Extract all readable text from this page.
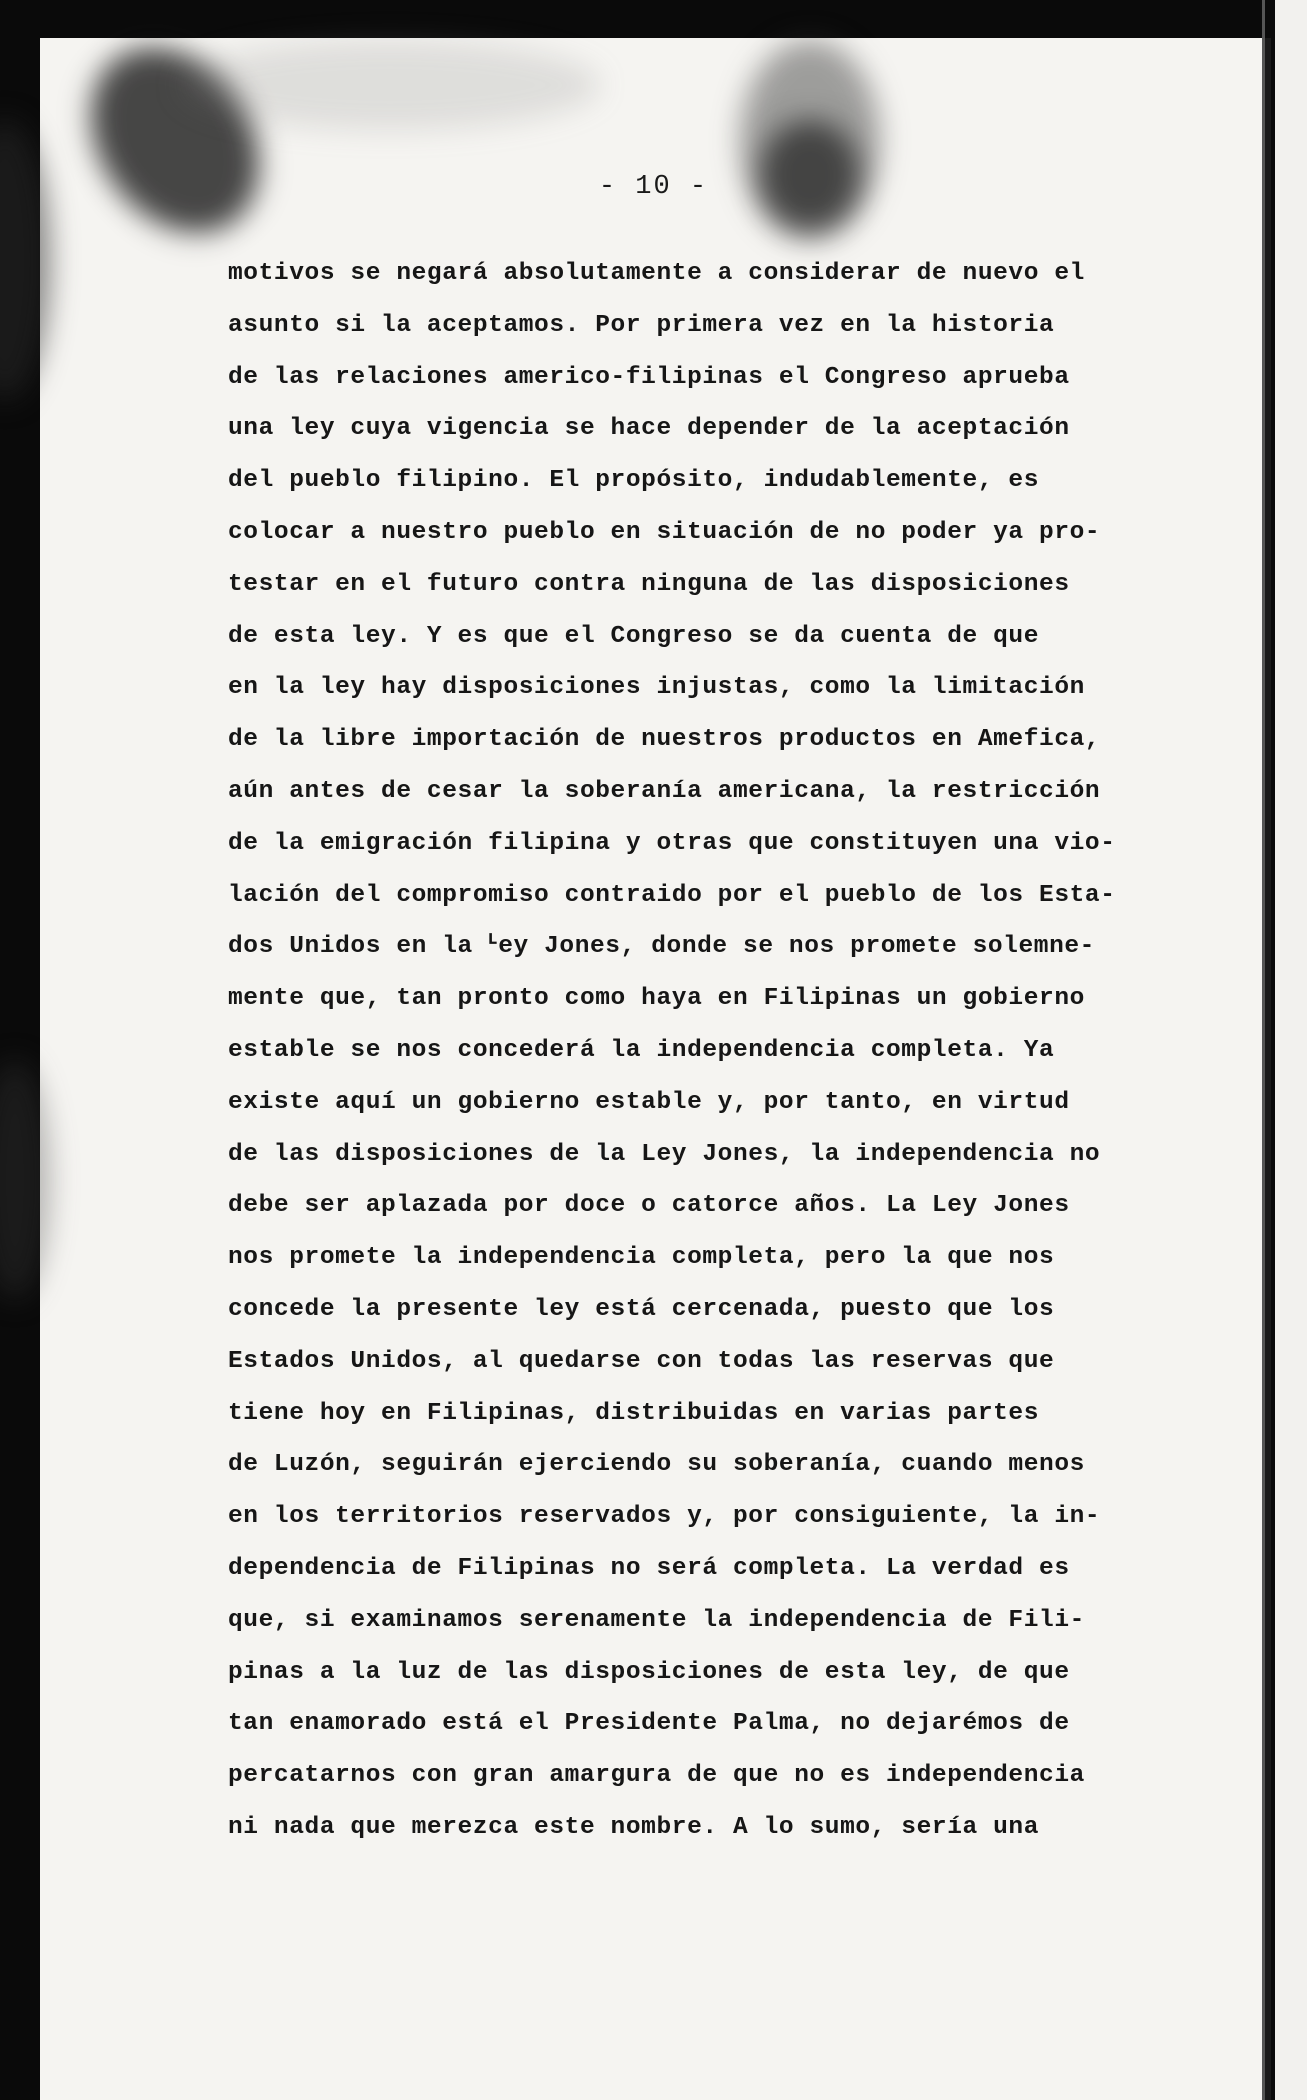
- 10 -
motivos se negará absolutamente a considerar de nuevo el
asunto si la aceptamos. Por primera vez en la historia
de las relaciones americo-filipinas el Congreso aprueba
una ley cuya vigencia se hace depender de la aceptación
del pueblo filipino. El propósito, indudablemente, es
colocar a nuestro pueblo en situación de no poder ya pro-
testar en el futuro contra ninguna de las disposiciones
de esta ley. Y es que el Congreso se da cuenta de que
en la ley hay disposiciones injustas, como la limitación
de la libre importación de nuestros productos en Amefica,
aún antes de cesar la soberanía americana, la restricción
de la emigración filipina y otras que constituyen una vio-
lación del compromiso contraido por el pueblo de los Esta-
dos Unidos en la ᒻey Jones, donde se nos promete solemne-
mente que, tan pronto como haya en Filipinas un gobierno
estable se nos concederá la independencia completa. Ya
existe aquí un gobierno estable y, por tanto, en virtud
de las disposiciones de la Ley Jones, la independencia no
debe ser aplazada por doce o catorce años. La Ley Jones
nos promete la independencia completa, pero la que nos
concede la presente ley está cercenada, puesto que los
Estados Unidos, al quedarse con todas las reservas que
tiene hoy en Filipinas, distribuidas en varias partes
de Luzón, seguirán ejerciendo su soberanía, cuando menos
en los territorios reservados y, por consiguiente, la in-
dependencia de Filipinas no será completa. La verdad es
que, si examinamos serenamente la independencia de Fili-
pinas a la luz de las disposiciones de esta ley, de que
tan enamorado está el Presidente Palma, no dejarémos de
percatarnos con gran amargura de que no es independencia
ni nada que merezca este nombre. A lo sumo, sería una
